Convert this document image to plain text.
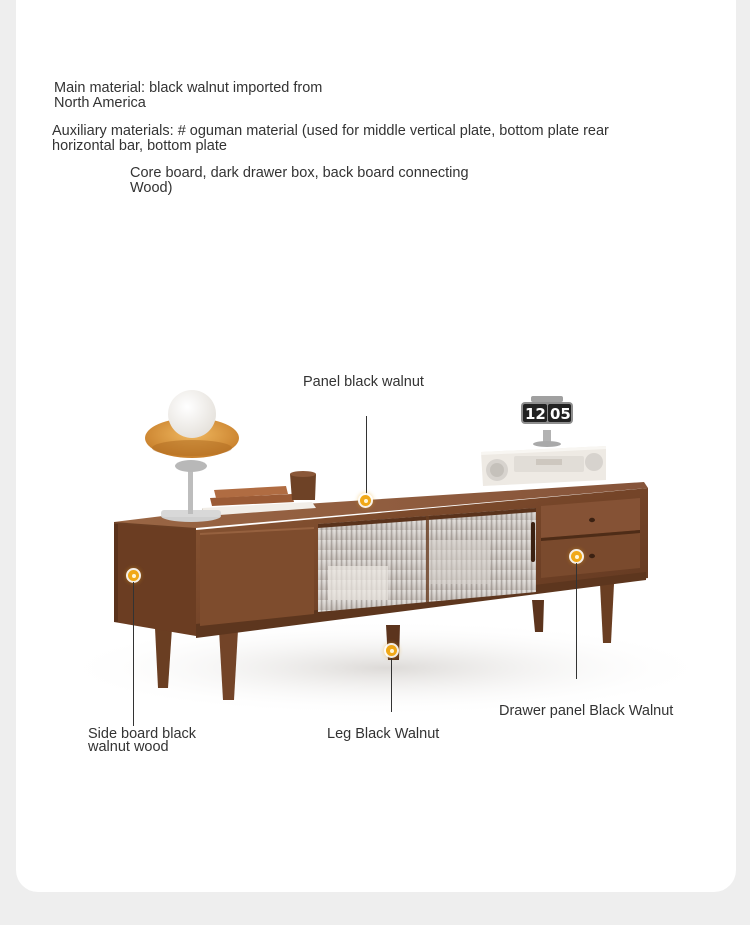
Main material: black walnut imported from
North America
Auxiliary materials: # oguman material (used for middle vertical plate, bottom plate rear
horizontal bar, bottom plate
Core board, dark drawer box, back board connecting
Wood)
12 05
Panel black walnut
Side board black
walnut wood
Leg Black Walnut
Drawer panel Black Walnut
